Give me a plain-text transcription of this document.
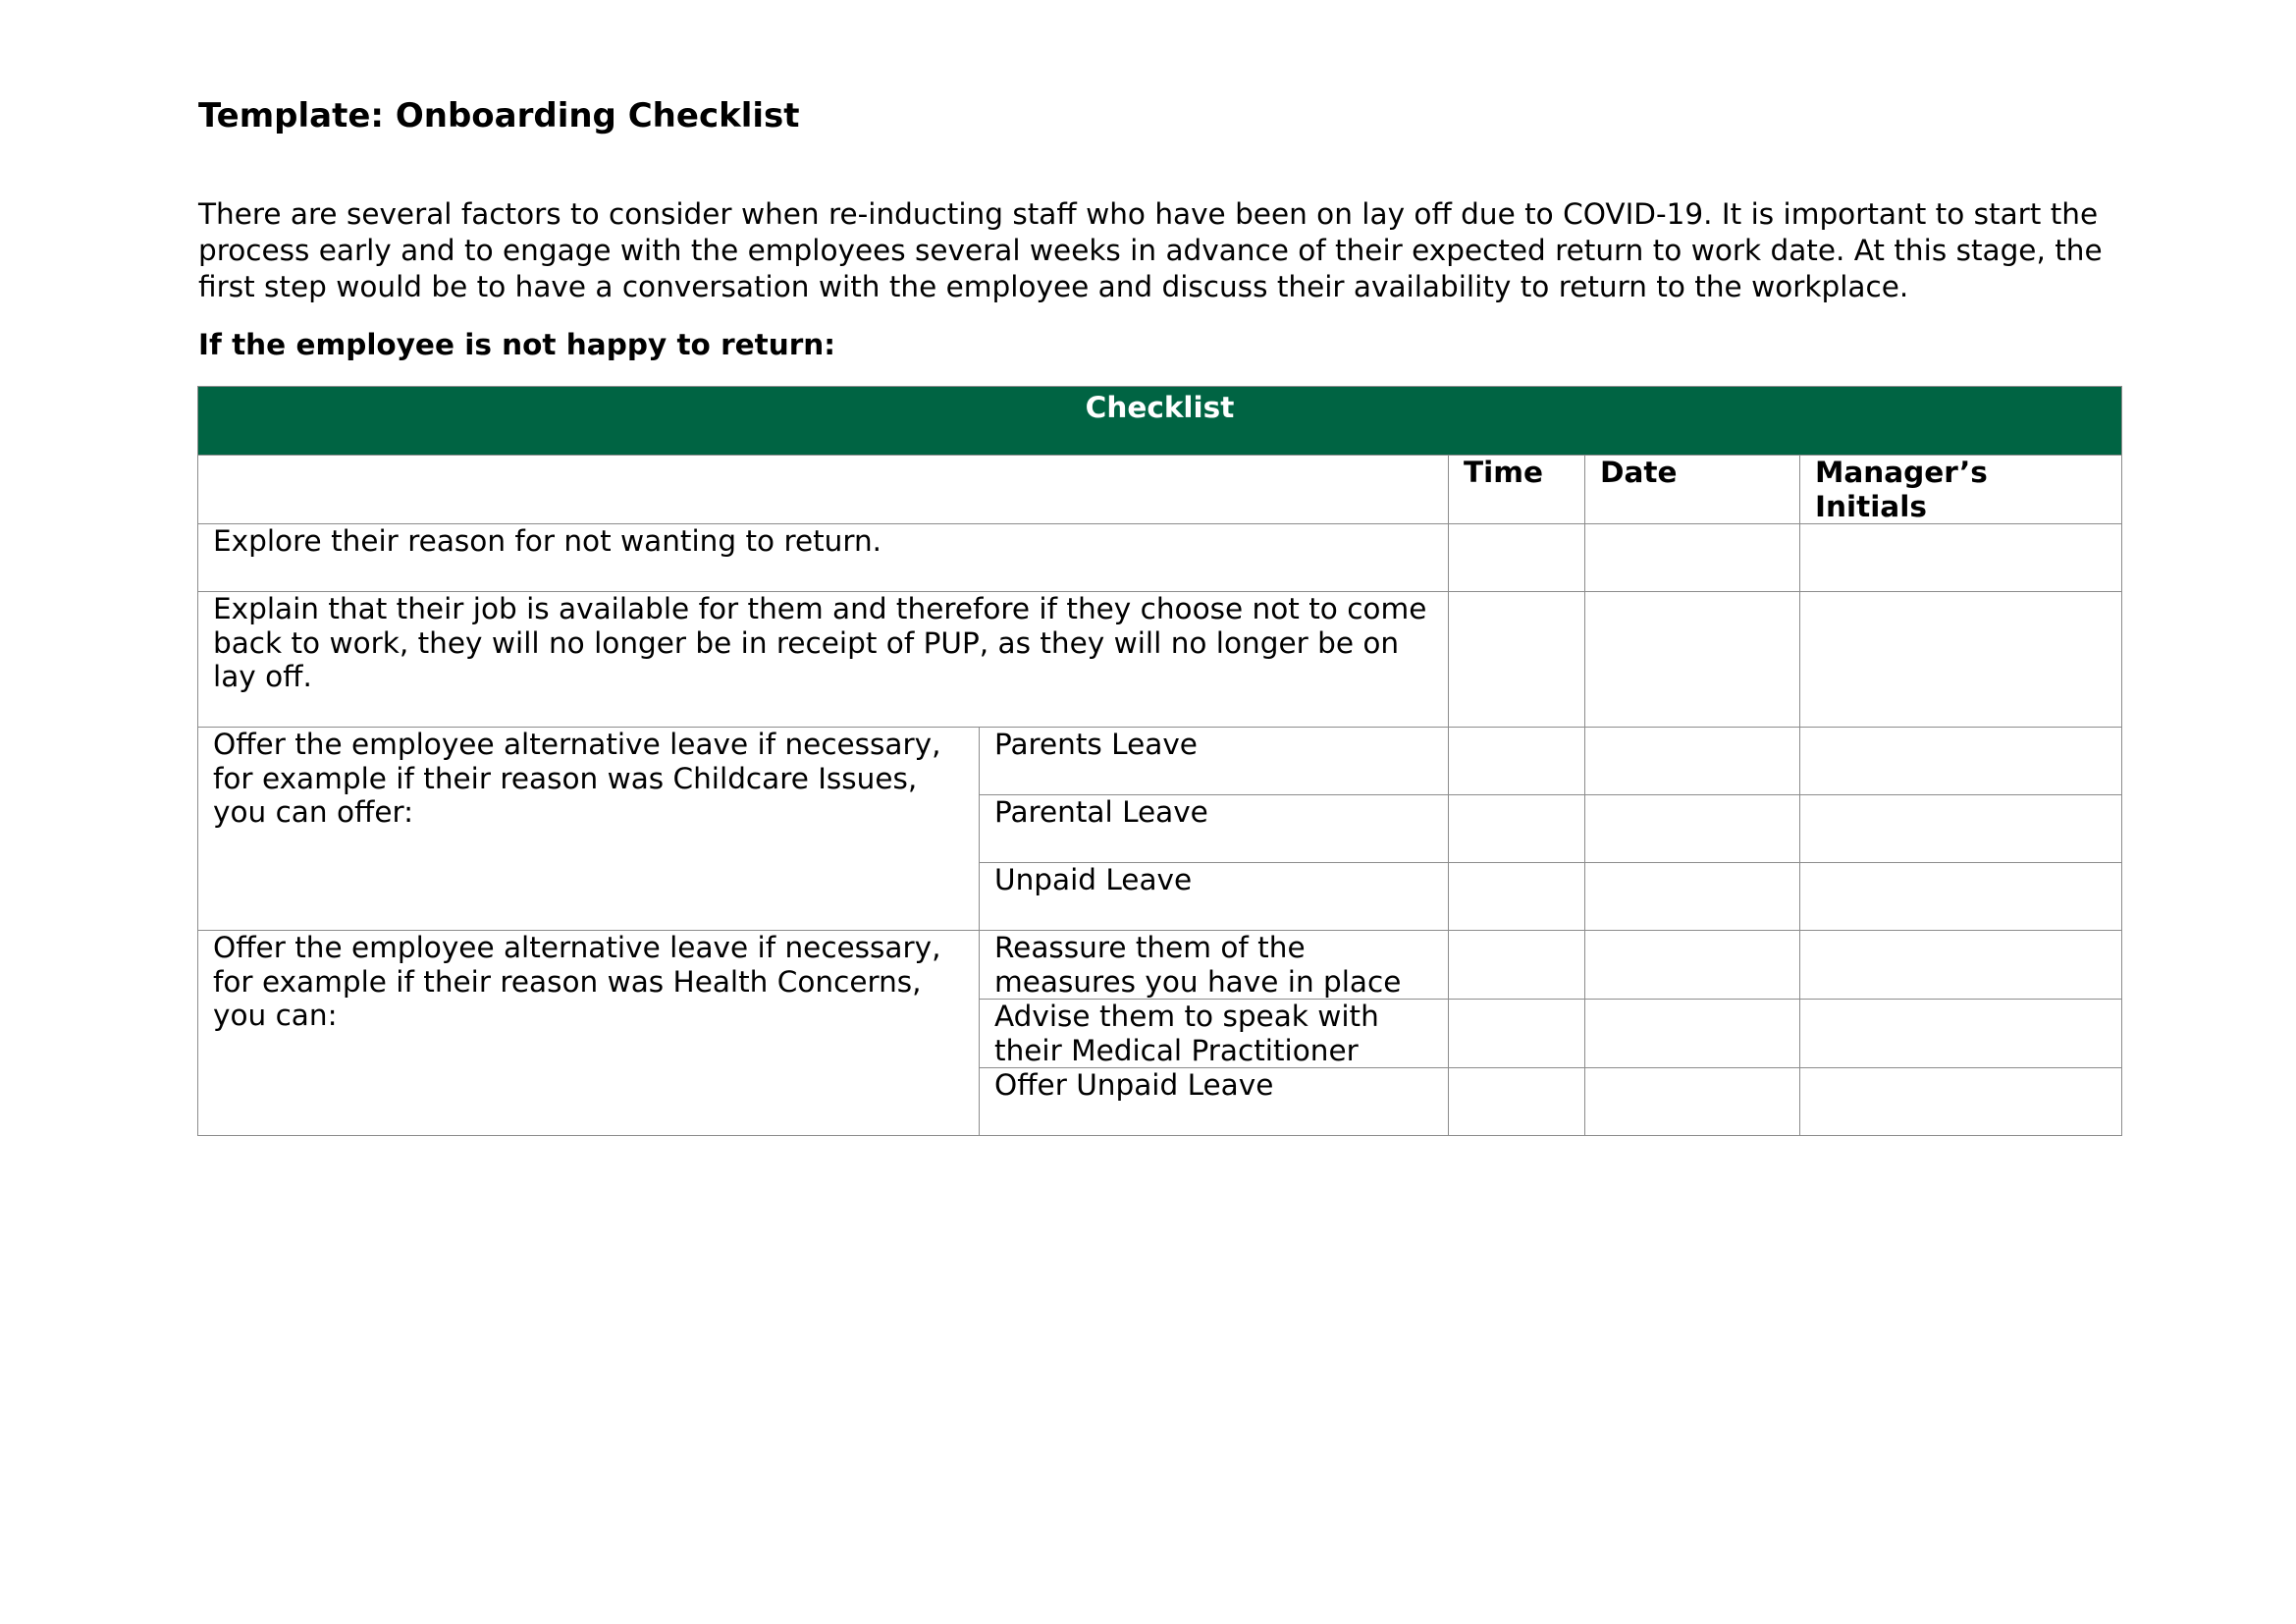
Template: Onboarding Checklist

There are several factors to consider when re-inducting staff who have been on lay off due to COVID-19. It is important to start the process early and to engage with the employees several weeks in advance of their expected return to work date. At this stage, the first step would be to have a conversation with the employee and discuss their availability to return to the workplace.

If the employee is not happy to return:

Checklist				
		Time	Date	Manager’s Initials
Explore their reason for not wanting to return.				
Explain that their job is available for them and therefore if they choose not to come back to work, they will no longer be in receipt of PUP, as they will no longer be on lay off.				
Offer the employee alternative leave if necessary, for example if their reason was Childcare Issues, you can offer:	Parents Leave			
	Parental Leave			
	Unpaid Leave			
Offer the employee alternative leave if necessary, for example if their reason was Health Concerns, you can:	Reassure them of the measures you have in place			
	Advise them to speak with their Medical Practitioner			
	Offer Unpaid Leave			
